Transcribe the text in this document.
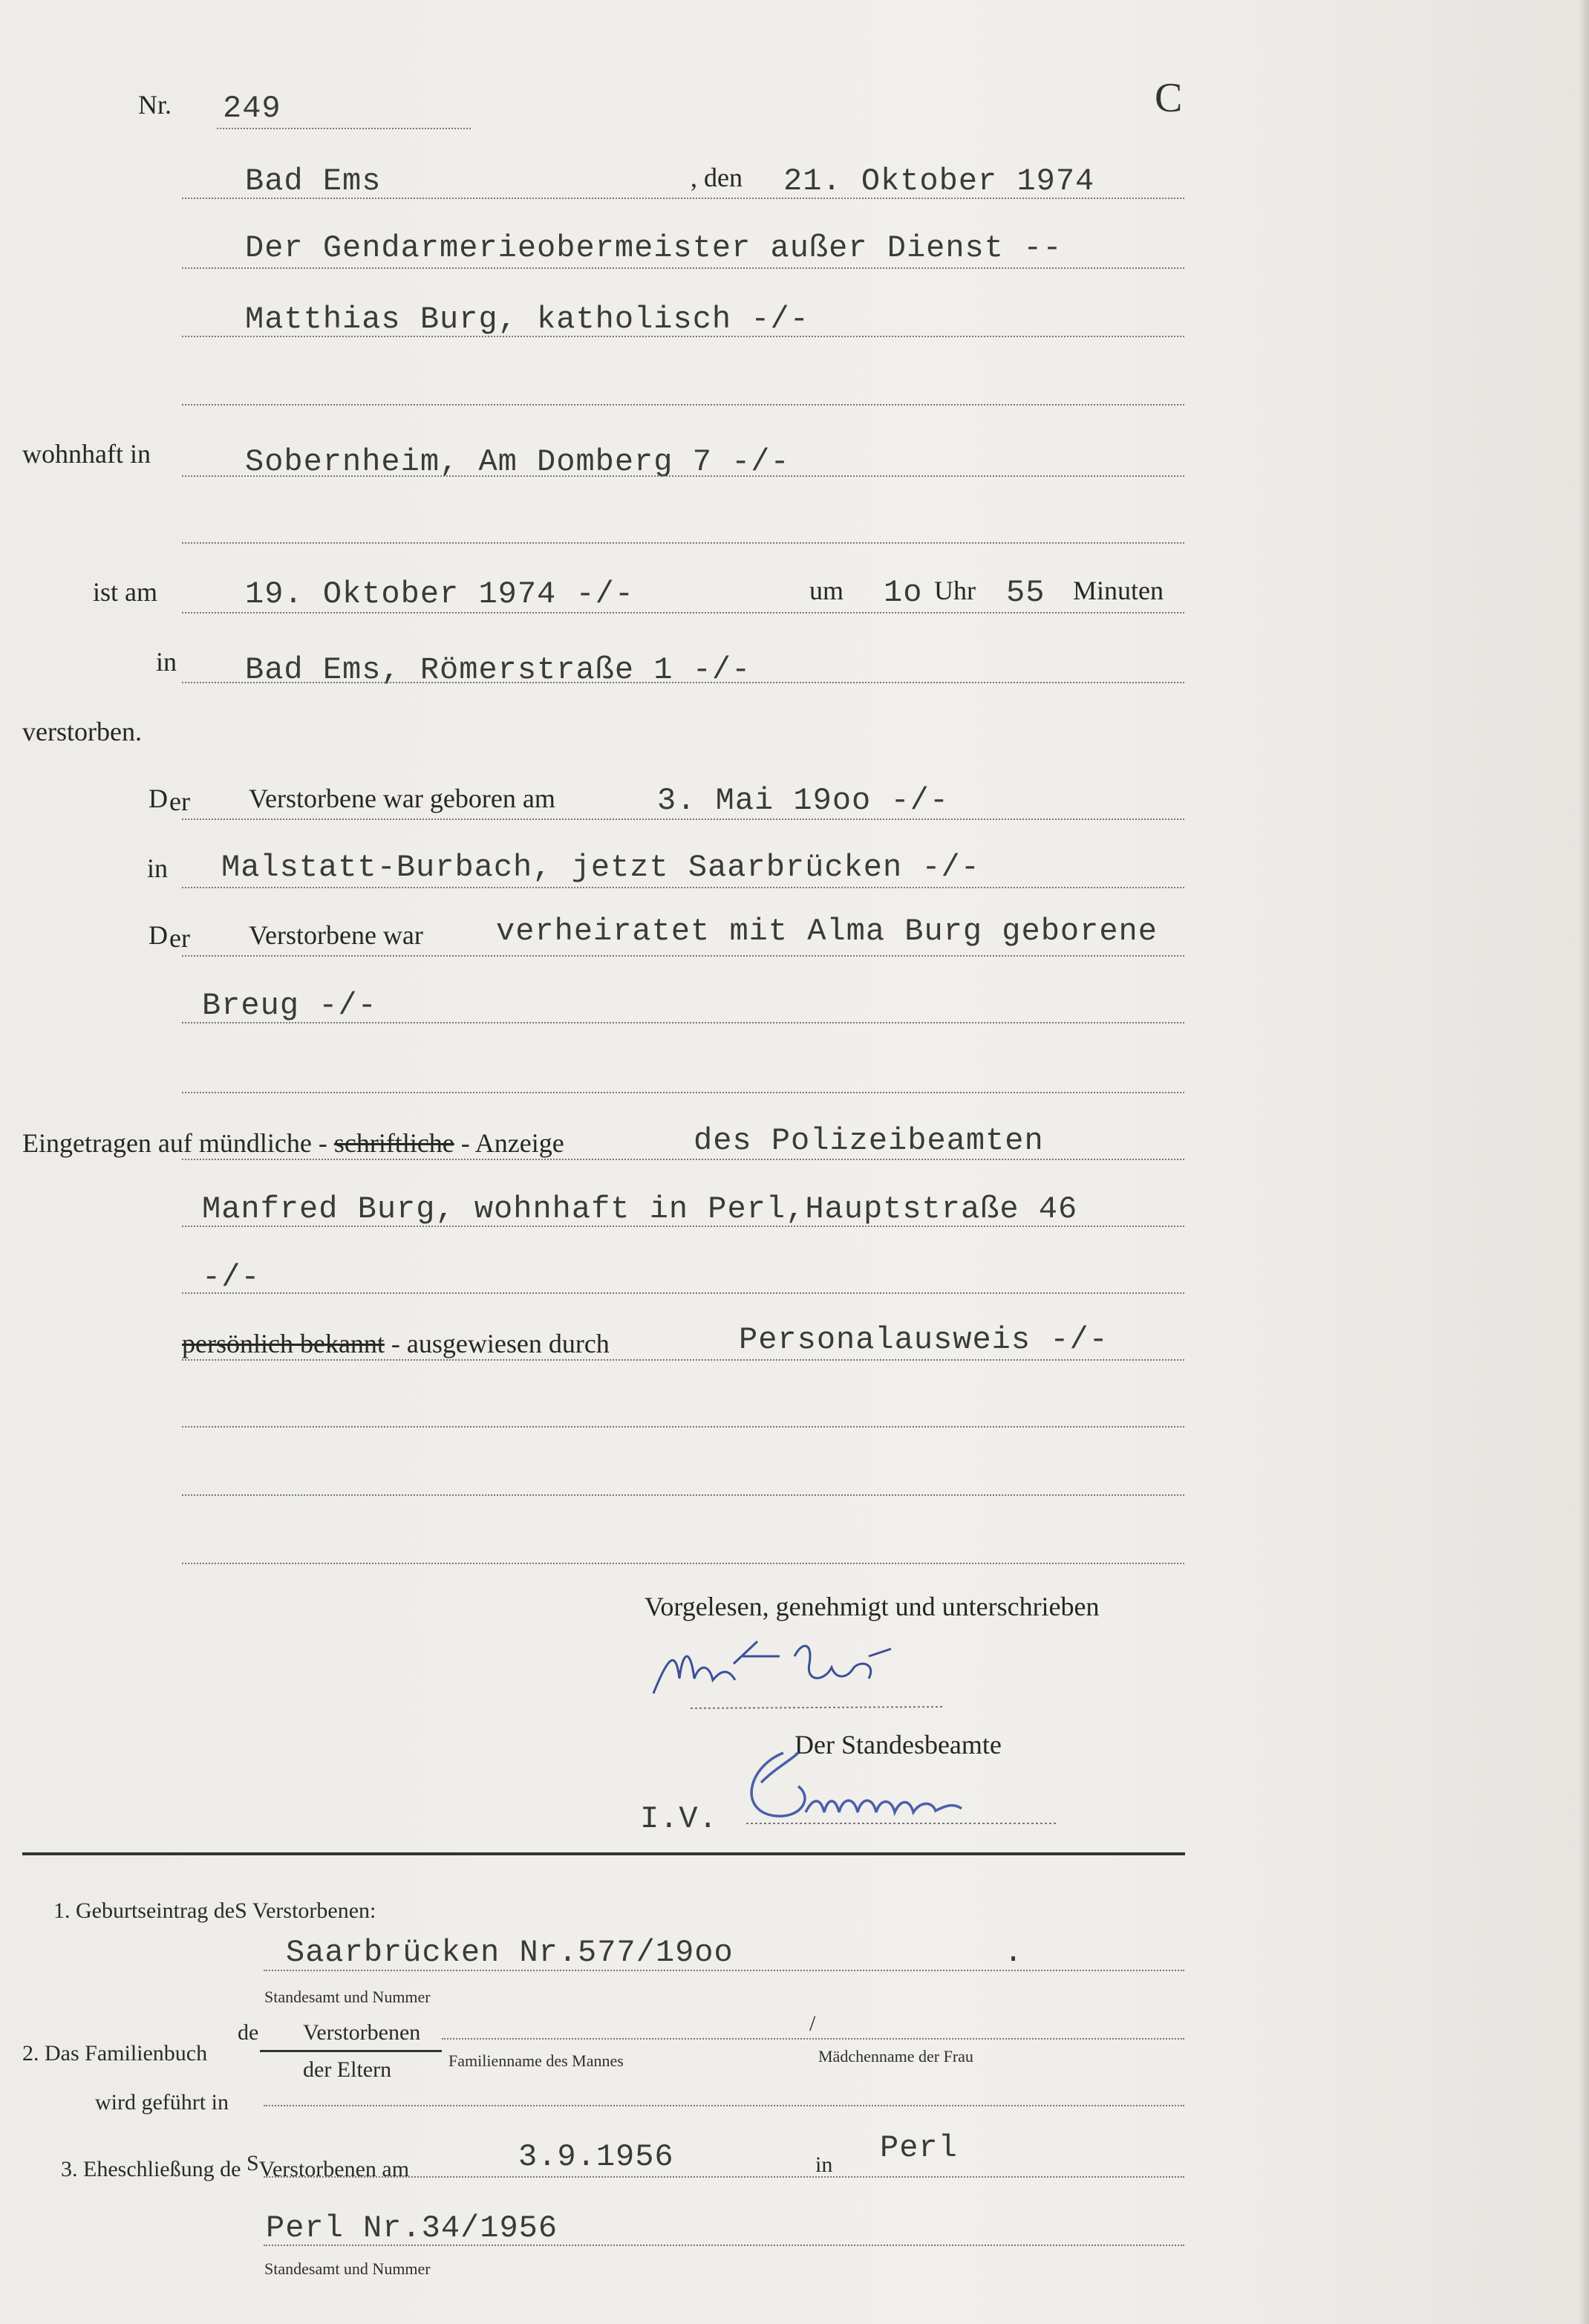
Nr. 249	C
Bad Ems	, den 21. Oktober 1974
Der Gendarmerieobermeister außer Dienst --
Matthias Burg, katholisch -/-
wohnhaft in	Sobernheim, Am Domberg 7 -/-
ist am	19. Oktober 1974 -/-	um 1o Uhr 55 Minuten
in Bad Ems, Römerstraße 1 -/-
verstorben.
D er Verstorbene war geboren am	3. Mai 19oo -/-
in Malstatt-Burbach, jetzt Saarbrücken -/-
D er Verstorbene war verheiratet mit Alma Burg geborene
Breug -/-
Eingetragen auf mündliche - schriftliche - Anzeige	des Polizeibeamten
Manfred Burg, wohnhaft in Perl,Hauptstraße 46
-/-
persönlich bekannt - ausgewiesen durch	Personalausweis -/-
Vorgelesen, genehmigt und unterschrieben
Der Standesbeamte
I.V.
1. Geburtseintrag deS Verstorbenen:
Saarbrücken Nr.577/19oo	.
Standesamt und Nummer
2. Das Familienbuch
de Verstorbenen
der Eltern
/
Familienname des Mannes	Mädchenname der Frau
wird geführt in
3. Eheschließung de SVerstorbenen am	3.9.1956	in Perl
Perl Nr.34/1956
Standesamt und Nummer
